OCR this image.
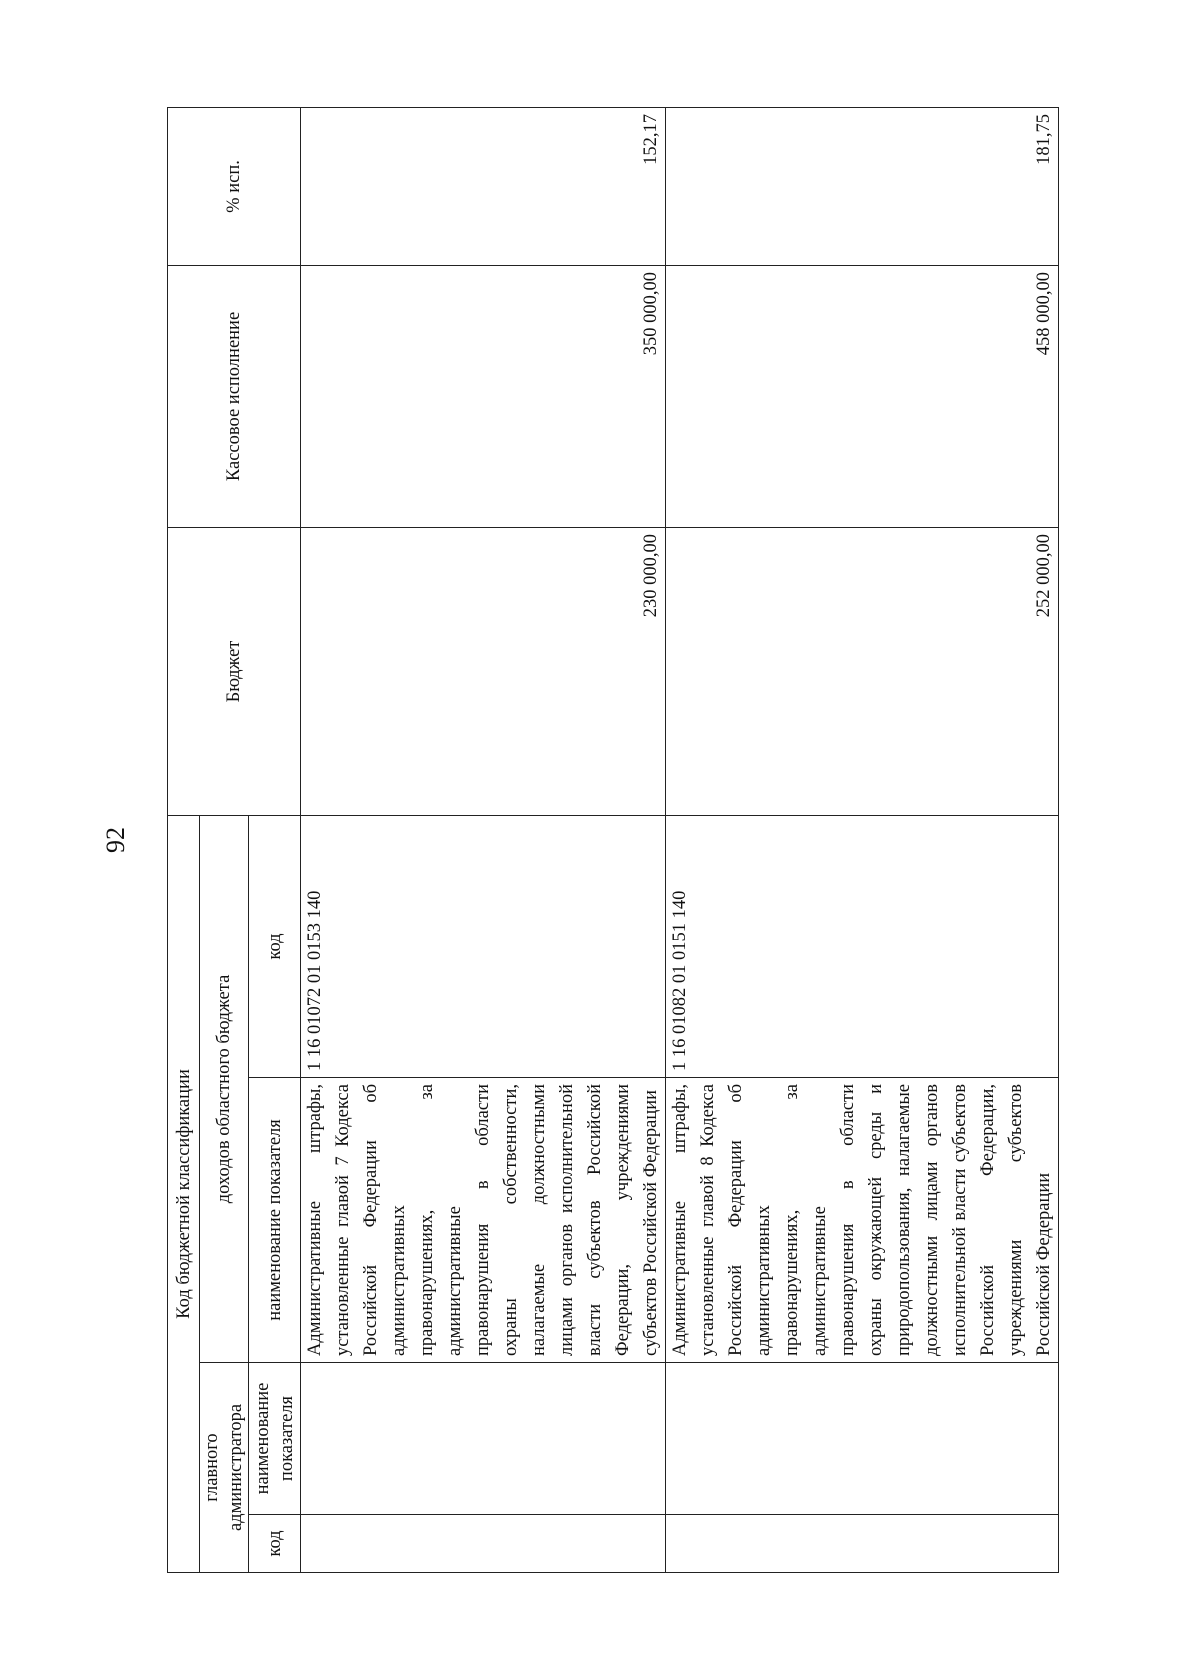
92
Код бюджетной классификации				Бюджет	Кассовое исполнение	% исп.
главного администратора		доходов областного бюджета				
код	наименование показателя	наименование показателя	код			
		Административные штрафы, установленные главой 7 Кодекса Российской Федерации об административных правонарушениях, за административные правонарушения в области охраны собственности, налагаемые должностными лицами органов исполнительной власти субъектов Российской Федерации, учреждениями субъектов Российской Федерации	1 16 01072 01 0153 140	230 000,00	350 000,00	152,17
		Административные штрафы, установленные главой 8 Кодекса Российской Федерации об административных правонарушениях, за административные правонарушения в области охраны окружающей среды и природопользования, налагаемые должностными лицами органов исполнительной власти субъектов Российской Федерации, учреждениями субъектов Российской Федерации	1 16 01082 01 0151 140	252 000,00	458 000,00	181,75
